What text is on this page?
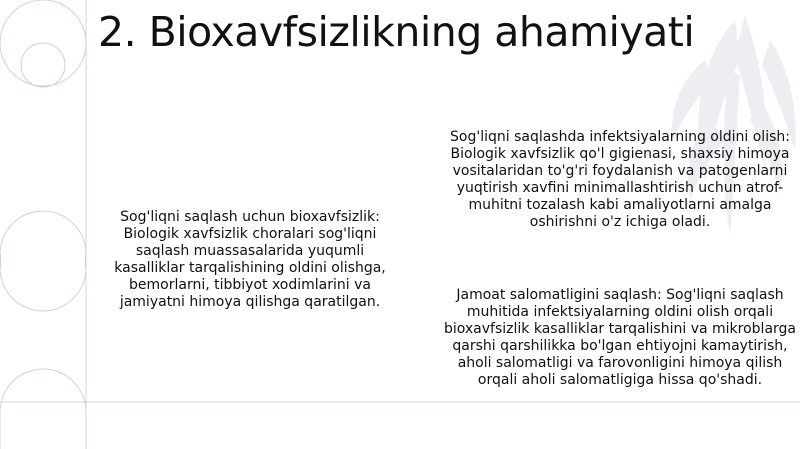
2. Bioxavfsizlikning ahamiyati
Sog'liqni saqlash uchun bioxavfsizlik: Biologik xavfsizlik choralari sog'liqni saqlash muassasalarida yuqumli kasalliklar tarqalishining oldini olishga, bemorlarni, tibbiyot xodimlarini va jamiyatni himoya qilishga qaratilgan.
Sog'liqni saqlashda infektsiyalarning oldini olish: Biologik xavfsizlik qo'l gigienasi, shaxsiy himoya vositalaridan to'g'ri foydalanish va patogenlarni yuqtirish xavfini minimallashtirish uchun atrof-muhitni tozalash kabi amaliyotlarni amalga oshirishni o'z ichiga oladi.
Jamoat salomatligini saqlash: Sog'liqni saqlash muhitida infektsiyalarning oldini olish orqali bioxavfsizlik kasalliklar tarqalishini va mikroblarga qarshi qarshilikka bo'lgan ehtiyojni kamaytirish, aholi salomatligi va farovonligini himoya qilish orqali aholi salomatligiga hissa qo'shadi.
